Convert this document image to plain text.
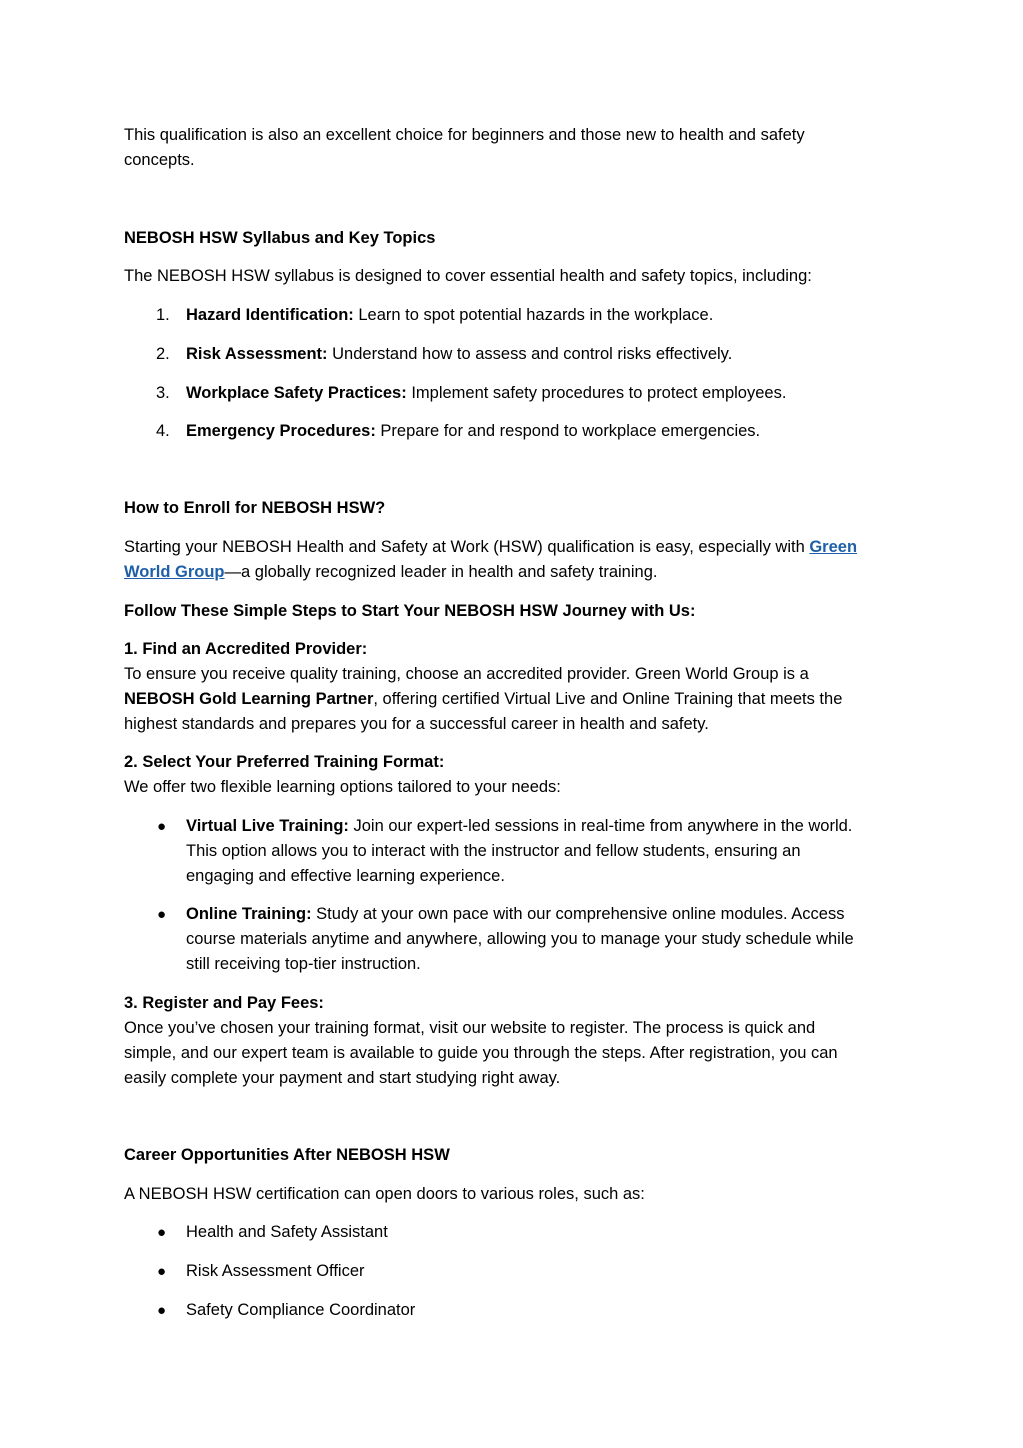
This qualification is also an excellent choice for beginners and those new to health and safety
concepts.
NEBOSH HSW Syllabus and Key Topics
The NEBOSH HSW syllabus is designed to cover essential health and safety topics, including:
1. Hazard Identification: Learn to spot potential hazards in the workplace.
2. Risk Assessment: Understand how to assess and control risks effectively.
3. Workplace Safety Practices: Implement safety procedures to protect employees.
4. Emergency Procedures: Prepare for and respond to workplace emergencies.
How to Enroll for NEBOSH HSW?
Starting your NEBOSH Health and Safety at Work (HSW) qualification is easy, especially with Green
World Group—a globally recognized leader in health and safety training.
Follow These Simple Steps to Start Your NEBOSH HSW Journey with Us:
1. Find an Accredited Provider:
To ensure you receive quality training, choose an accredited provider. Green World Group is a
NEBOSH Gold Learning Partner, offering certified Virtual Live and Online Training that meets the
highest standards and prepares you for a successful career in health and safety.
2. Select Your Preferred Training Format:
We offer two flexible learning options tailored to your needs:
● Virtual Live Training: Join our expert-led sessions in real-time from anywhere in the world.
This option allows you to interact with the instructor and fellow students, ensuring an
engaging and effective learning experience.
● Online Training: Study at your own pace with our comprehensive online modules. Access
course materials anytime and anywhere, allowing you to manage your study schedule while
still receiving top-tier instruction.
3. Register and Pay Fees:
Once you’ve chosen your training format, visit our website to register. The process is quick and
simple, and our expert team is available to guide you through the steps. After registration, you can
easily complete your payment and start studying right away.
Career Opportunities After NEBOSH HSW
A NEBOSH HSW certification can open doors to various roles, such as:
● Health and Safety Assistant
● Risk Assessment Officer
● Safety Compliance Coordinator
